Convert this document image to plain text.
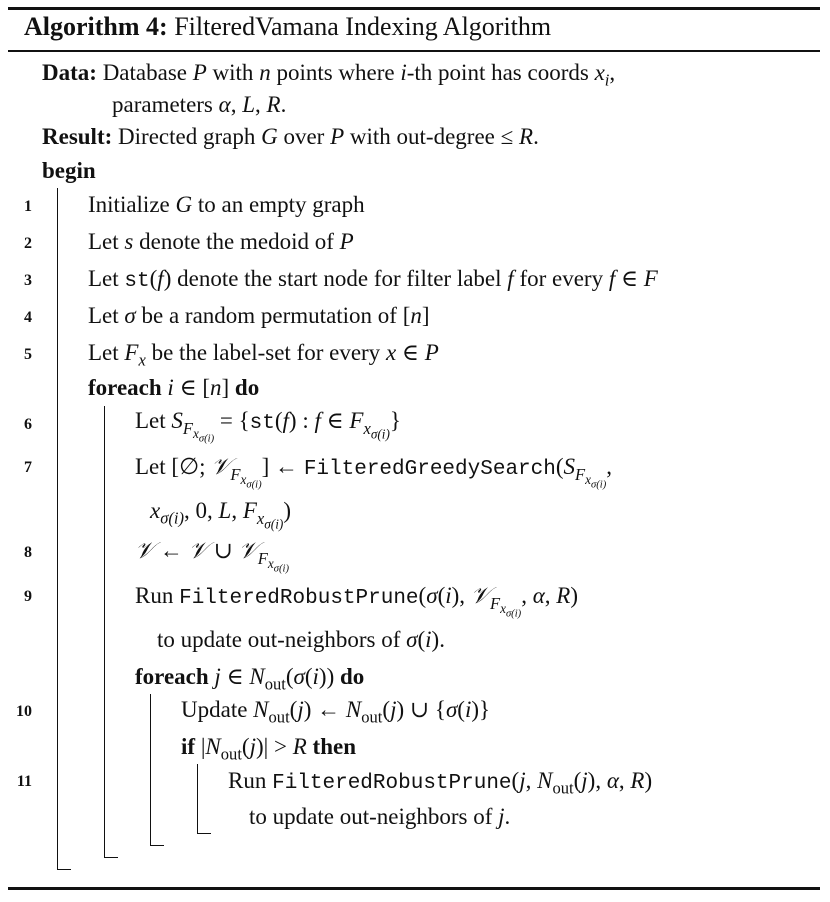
Algorithm 4: FilteredVamana Indexing Algorithm
Data: Database P with n points where i-th point has coords $x_i$,
parameters α, L, R.
Result: Directed graph G over P with out-degree ≤ R.
begin
1
2
3
4
5
6
7
8
9
10
11
Initialize G to an empty graph
Let s denote the medoid of P
Let st(f) denote the start node for filter label f for every f ∈ F
Let σ be a random permutation of [n]
Let $F_x$ be the label-set for every x ∈ P
foreach i ∈ [n] do
Let $S_{F_{x_{\sigma(i)}}} = \{st(f)$ : f ∈ $F_{x_{\sigma(i)}}$}
Let [∅; 𝒱$_{F_{x_{\sigma(i)}}}$] ← $FilteredGreedySearch(S_{F_{x_{\sigma(i)}}}$,
$x_{\sigma(i)}$, 0, L, $F_{x_{\sigma(i)}}$)
𝒱 ← 𝒱 ∪ 𝒱$_{F_{x_{\sigma(i)}}}$
Run FilteredRobustPrune(σ(i), 𝒱$_{F_{x_{\sigma(i)}}}$, α, R)
to update out-neighbors of σ(i).
foreach j ∈ $N_{out}(\sigma(i))$ do
Update $N_{out}(j)$ ← $N_{out}(j)$ ∪ {σ(i)}
if $|N_{out}(j)| > R$ then
Run FilteredRobustPrune(j, $N_{out}(j)$, α, R)
to update out-neighbors of j.
